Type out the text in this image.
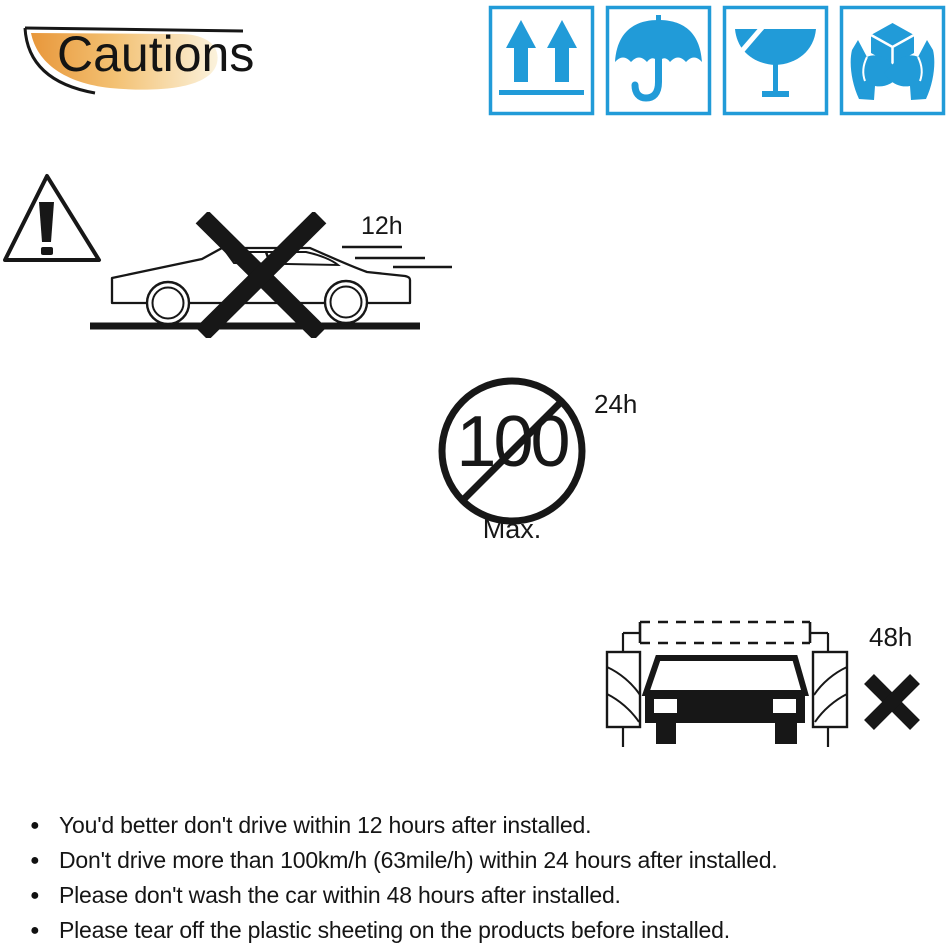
Cautions
12h
100 24h
Max.
48h
● You'd better don't drive within 12 hours after installed.
● Don't drive more than 100km/h (63mile/h) within 24 hours after installed.
● Please don't wash the car within 48 hours after installed.
● Please tear off the plastic sheeting on the products before installed.
